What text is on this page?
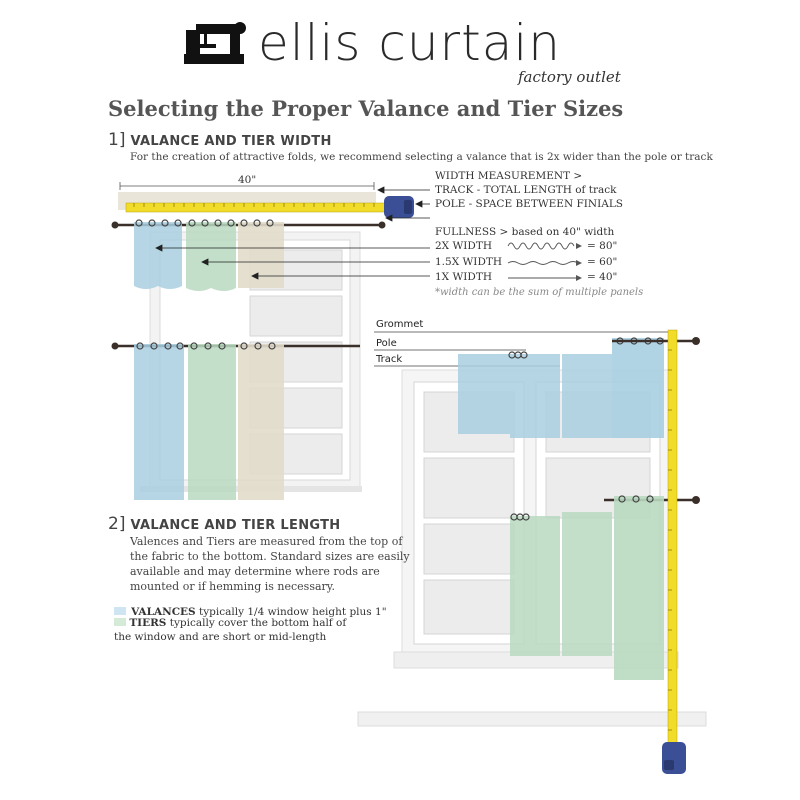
ellis curtain
factory outlet
Selecting the Proper Valance and Tier Sizes
1] VALANCE AND TIER WIDTH
For the creation of attractive folds, we recommend selecting a valance that is 2x wider than the pole or track
40"	WIDTH MEASUREMENT >
TRACK - TOTAL LENGTH of track
POLE - SPACE BETWEEN FINIALS
FULLNESS > based on 40" width
2X WIDTH	= 80"
1.5X WIDTH	= 60"
1X WIDTH	= 40"
*width can be the sum of multiple panels
Grommet
Pole
Track
2] VALANCE AND TIER LENGTH
Valences and Tiers are measured from the top of the fabric to the bottom. Standard sizes are easily available and may determine where rods are mounted or if hemming is necessary.
VALANCES typically 1/4 window height plus 1"
TIERS typically cover the bottom half of the window and are short or mid-length
